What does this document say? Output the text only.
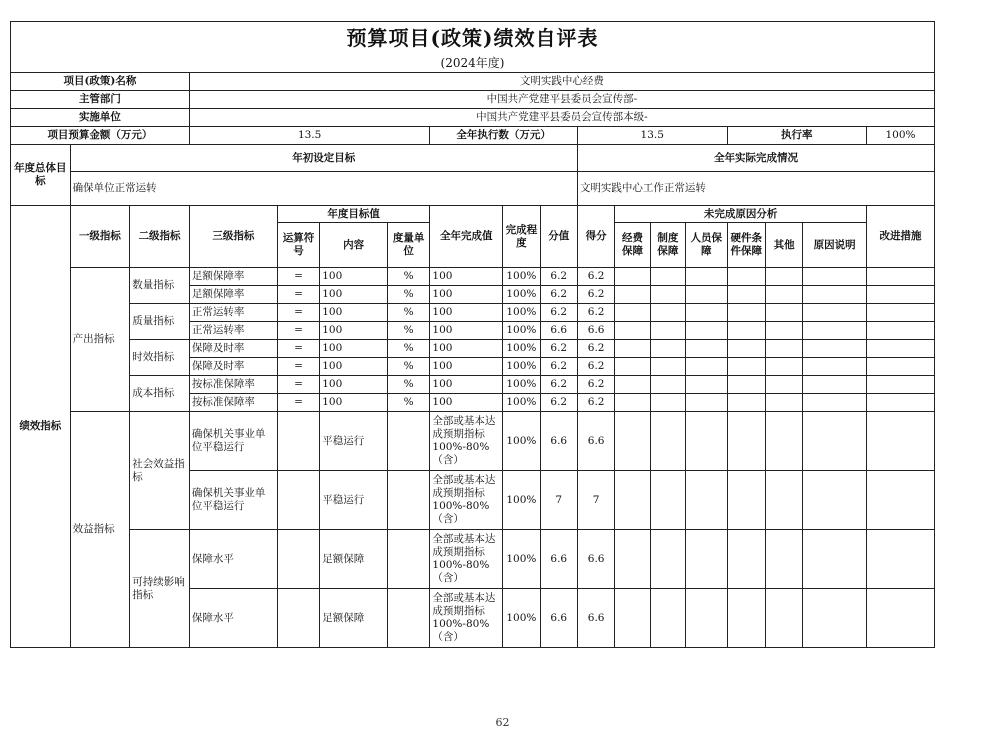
预算项目(政策)绩效自评表																	
(2024年度)																	
项目(政策)名称			文明实践中心经费														
主管部门			中国共产党建平县委员会宣传部-														
实施单位			中国共产党建平县委员会宣传部本级-														
项目预算金额（万元）			13.5				全年执行数（万元）			13.5				执行率			100%
年度总体目标	年初设定目标									全年实际完成情况							
	确保单位正常运转									文明实践中心工作正常运转							
绩效指标	一级指标	二级指标	三级指标	年度目标值			全年完成值	完成程度	分值	得分	未完成原因分析						改进措施
				运算符号	内容	度量单位					经费保障	制度保障	人员保障	硬件条件保障	其他	原因说明	
	产出指标	数量指标	足额保障率	=	100	%	100	100%	6.2	6.2							
			足额保障率	=	100	%	100	100%	6.2	6.2							
		质量指标	正常运转率	=	100	%	100	100%	6.2	6.2							
			正常运转率	=	100	%	100	100%	6.6	6.6							
		时效指标	保障及时率	=	100	%	100	100%	6.2	6.2							
			保障及时率	=	100	%	100	100%	6.2	6.2							
		成本指标	按标准保障率	=	100	%	100	100%	6.2	6.2							
			按标准保障率	=	100	%	100	100%	6.2	6.2							
	效益指标	社会效益指标	确保机关事业单位平稳运行		平稳运行		全部或基本达成预期指标100%-80%（含）	100%	6.6	6.6							
			确保机关事业单位平稳运行		平稳运行		全部或基本达成预期指标100%-80%（含）	100%	7	7							
		可持续影响指标	保障水平		足额保障		全部或基本达成预期指标100%-80%（含）	100%	6.6	6.6							
			保障水平		足额保障		全部或基本达成预期指标100%-80%（含）	100%	6.6	6.6							
62
